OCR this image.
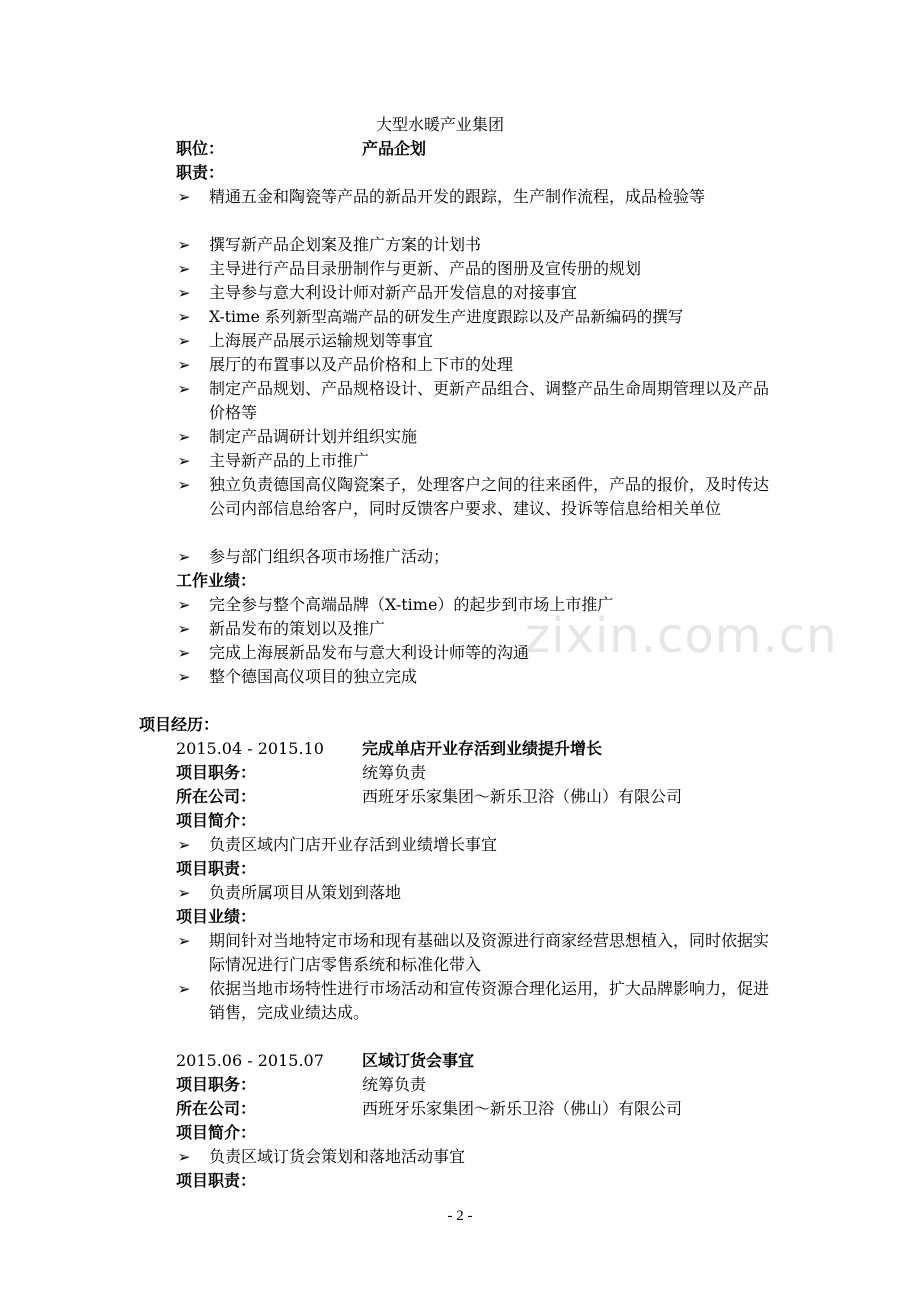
大型水暖产业集团
职位：	产品企划
职责：
➢ 精通五金和陶瓷等产品的新品开发的跟踪，生产制作流程，成品检验等
➢ 撰写新产品企划案及推广方案的计划书
➢ 主导进行产品目录册制作与更新、产品的图册及宣传册的规划
➢ 主导参与意大利设计师对新产品开发信息的对接事宜
➢ X-time 系列新型高端产品的研发生产进度跟踪以及产品新编码的撰写
➢ 上海展产品展示运输规划等事宜
➢ 展厅的布置事以及产品价格和上下市的处理
➢ 制定产品规划、产品规格设计、更新产品组合、调整产品生命周期管理以及产品价格等
➢ 制定产品调研计划并组织实施
➢ 主导新产品的上市推广
➢ 独立负责德国高仪陶瓷案子，处理客户之间的往来函件，产品的报价，及时传达公司内部信息给客户，同时反馈客户要求、建议、投诉等信息给相关单位
➢ 参与部门组织各项市场推广活动；
工作业绩：
➢ 完全参与整个高端品牌（X-time）的起步到市场上市推广
➢ 新品发布的策划以及推广
➢ 完成上海展新品发布与意大利设计师等的沟通
➢ 整个德国高仪项目的独立完成
zixin.com.cn
项目经历：
2015.04 - 2015.10 完成单店开业存活到业绩提升增长
项目职务：	统筹负责
所在公司：	西班牙乐家集团～新乐卫浴（佛山）有限公司
项目简介：
➢ 负责区域内门店开业存活到业绩增长事宜
项目职责：
➢ 负责所属项目从策划到落地
项目业绩：
➢ 期间针对当地特定市场和现有基础以及资源进行商家经营思想植入，同时依据实际情况进行门店零售系统和标准化带入
➢ 依据当地市场特性进行市场活动和宣传资源合理化运用，扩大品牌影响力，促进销售，完成业绩达成。
2015.06 - 2015.07 区域订货会事宜
项目职务：	统筹负责
所在公司：	西班牙乐家集团～新乐卫浴（佛山）有限公司
项目简介：
➢ 负责区域订货会策划和落地活动事宜
项目职责：
- 2 -
